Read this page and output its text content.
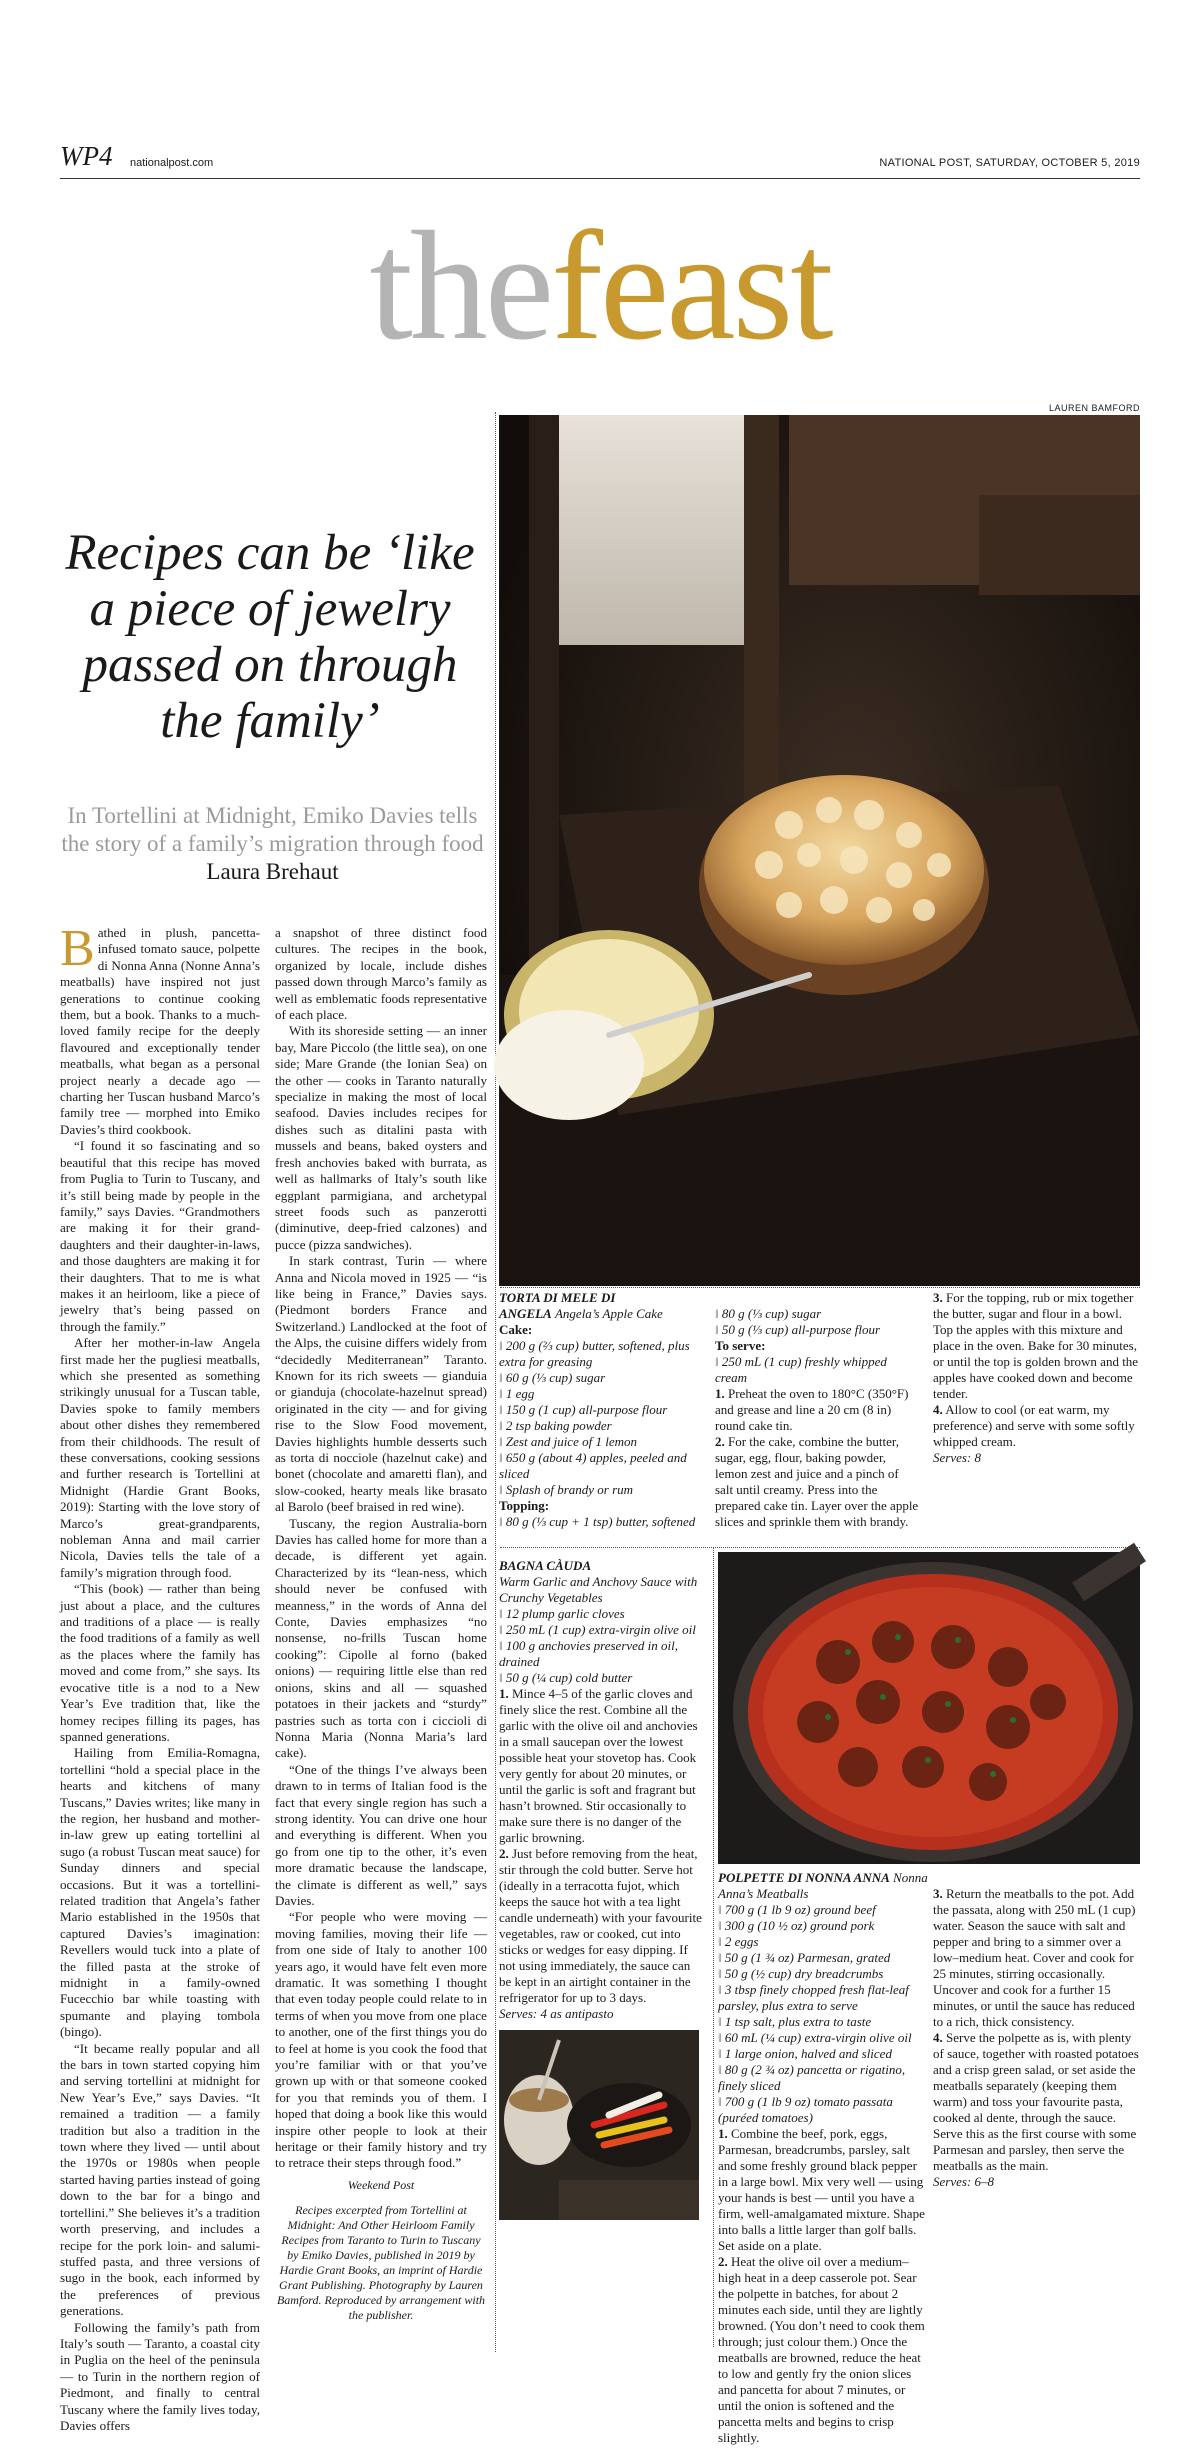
WP4 nationalpost.com	NATIONAL POST, SATURDAY, OCTOBER 5, 2019
thefeast
LAUREN BAMFORD
Recipes can be ‘like a piece of jewelry passed on through the family’
In Tortellini at Midnight, Emiko Davies tells the story of a family’s migration through food Laura Brehaut
B athed in plush, pancetta-infused tomato sauce, polpette di Nonna Anna (Nonne Anna’s meatballs) have inspired not just generations to continue cooking them, but a book. Thanks to a much-loved family recipe for the deeply flavoured and exceptionally tender meatballs, what began as a personal project nearly a decade ago — charting her Tuscan husband Marco’s family tree — morphed into Emiko Davies’s third cookbook.

“I found it so fascinating and so beautiful that this recipe has moved from Puglia to Turin to Tuscany, and it’s still being made by people in the family,” says Davies. “Grandmothers are making it for their grand-daughters and their daughter-in-laws, and those daughters are making it for their daughters. That to me is what makes it an heirloom, like a piece of jewelry that’s being passed on through the family.”

After her mother-in-law Angela first made her the pugliesi meatballs, which she presented as something strikingly unusual for a Tuscan table, Davies spoke to family members about other dishes they remembered from their childhoods. The result of these conversations, cooking sessions and further research is Tortellini at Midnight (Hardie Grant Books, 2019): Starting with the love story of Marco’s great-grandparents, nobleman Anna and mail carrier Nicola, Davies tells the tale of a family’s migration through food.

“This (book) — rather than being just about a place, and the cultures and traditions of a place — is really the food traditions of a family as well as the places where the family has moved and come from,” she says. Its evocative title is a nod to a New Year’s Eve tradition that, like the homey recipes filling its pages, has spanned generations.

Hailing from Emilia-Romagna, tortellini “hold a special place in the hearts and kitchens of many Tuscans,” Davies writes; like many in the region, her husband and mother-in-law grew up eating tortellini al sugo (a robust Tuscan meat sauce) for Sunday dinners and special occasions. But it was a tortellini-related tradition that Angela’s father Mario established in the 1950s that captured Davies’s imagination: Revellers would tuck into a plate of the filled pasta at the stroke of midnight in a family-owned Fucecchio bar while toasting with spumante and playing tombola (bingo).

“It became really popular and all the bars in town started copying him and serving tortellini at midnight for New Year’s Eve,” says Davies. “It remained a tradition — a family tradition but also a tradition in the town where they lived — until about the 1970s or 1980s when people started having parties instead of going down to the bar for a bingo and tortellini.” She believes it’s a tradition worth preserving, and includes a recipe for the pork loin- and salumi-stuffed pasta, and three versions of sugo in the book, each informed by the preferences of previous generations.

Following the family’s path from Italy’s south — Taranto, a coastal city in Puglia on the heel of the peninsula — to Turin in the northern region of Piedmont, and finally to central Tuscany where the family lives today, Davies offers

a snapshot of three distinct food cultures. The recipes in the book, organized by locale, include dishes passed down through Marco’s family as well as emblematic foods representative of each place.

With its shoreside setting — an inner bay, Mare Piccolo (the little sea), on one side; Mare Grande (the Ionian Sea) on the other — cooks in Taranto naturally specialize in making the most of local seafood. Davies includes recipes for dishes such as ditalini pasta with mussels and beans, baked oysters and fresh anchovies baked with burrata, as well as hallmarks of Italy’s south like eggplant parmigiana, and archetypal street foods such as panzerotti (diminutive, deep-fried calzones) and pucce (pizza sandwiches).

In stark contrast, Turin — where Anna and Nicola moved in 1925 — “is like being in France,” Davies says. (Piedmont borders France and Switzerland.) Landlocked at the foot of the Alps, the cuisine differs widely from “decidedly Mediterranean” Taranto. Known for its rich sweets — gianduia or gianduja (chocolate-hazelnut spread) originated in the city — and for giving rise to the Slow Food movement, Davies highlights humble desserts such as torta di nocciole (hazelnut cake) and bonet (chocolate and amaretti flan), and slow-cooked, hearty meals like brasato al Barolo (beef braised in red wine).

Tuscany, the region Australia-born Davies has called home for more than a decade, is different yet again. Characterized by its “lean-ness, which should never be confused with meanness,” in the words of Anna del Conte, Davies emphasizes “no nonsense, no-frills Tuscan home cooking”: Cipolle al forno (baked onions) — requiring little else than red onions, skins and all — squashed potatoes in their jackets and “sturdy” pastries such as torta con i ciccioli di Nonna Maria (Nonna Maria’s lard cake).

“One of the things I’ve always been drawn to in terms of Italian food is the fact that every single region has such a strong identity. You can drive one hour and everything is different. When you go from one tip to the other, it’s even more dramatic because the landscape, the climate is different as well,” says Davies.

“For people who were moving — moving families, moving their life — from one side of Italy to another 100 years ago, it would have felt even more dramatic. It was something I thought that even today people could relate to in terms of when you move from one place to another, one of the first things you do to feel at home is you cook the food that you’re familiar with or that you’ve grown up with or that someone cooked for you that reminds you of them. I hoped that doing a book like this would inspire other people to look at their heritage or their family history and try to retrace their steps through food.”

Weekend Post
Recipes excerpted from Tortellini at Midnight: And Other Heirloom Family Recipes from Taranto to Turin to Tuscany by Emiko Davies, published in 2019 by Hardie Grant Books, an imprint of Hardie Grant Publishing. Photography by Lauren Bamford. Reproduced by arrangement with the publisher.
TORTA DI MELE DI ANGELA Angela’s Apple Cake
Cake:
‖ 200 g (⅔ cup) butter, softened, plus extra for greasing
‖ 60 g (⅓ cup) sugar
‖ 1 egg
‖ 150 g (1 cup) all-purpose flour
‖ 2 tsp baking powder
‖ Zest and juice of 1 lemon
‖ 650 g (about 4) apples, peeled and sliced
‖ Splash of brandy or rum
Topping:
‖ 80 g (⅓ cup + 1 tsp) butter, softened
‖ 80 g (⅓ cup) sugar
‖ 50 g (⅓ cup) all-purpose flour
To serve:
‖ 250 mL (1 cup) freshly whipped cream
1. Preheat the oven to 180°C (350°F) and grease and line a 20 cm (8 in) round cake tin.
2. For the cake, combine the butter, sugar, egg, flour, baking powder, lemon zest and juice and a pinch of salt until creamy. Press into the prepared cake tin. Layer over the apple slices and sprinkle them with brandy.
3. For the topping, rub or mix together the butter, sugar and flour in a bowl. Top the apples with this mixture and place in the oven. Bake for 30 minutes, or until the top is golden brown and the apples have cooked down and become tender.
4. Allow to cool (or eat warm, my preference) and serve with some softly whipped cream.
Serves: 8
BAGNA CÀUDA
Warm Garlic and Anchovy Sauce with Crunchy Vegetables
‖ 12 plump garlic cloves
‖ 250 mL (1 cup) extra-virgin olive oil
‖ 100 g anchovies preserved in oil, drained
‖ 50 g (¼ cup) cold butter
1. Mince 4–5 of the garlic cloves and finely slice the rest. Combine all the garlic with the olive oil and anchovies in a small saucepan over the lowest possible heat your stovetop has. Cook very gently for about 20 minutes, or until the garlic is soft and fragrant but hasn’t browned. Stir occasionally to make sure there is no danger of the garlic browning.
2. Just before removing from the heat, stir through the cold butter. Serve hot (ideally in a terracotta fujot, which keeps the sauce hot with a tea light candle underneath) with your favourite vegetables, raw or cooked, cut into sticks or wedges for easy dipping. If not using immediately, the sauce can be kept in an airtight container in the refrigerator for up to 3 days.
Serves: 4 as antipasto
POLPETTE DI NONNA ANNA Nonna Anna’s Meatballs
‖ 700 g (1 lb 9 oz) ground beef
‖ 300 g (10 ½ oz) ground pork
‖ 2 eggs
‖ 50 g (1 ¾ oz) Parmesan, grated
‖ 50 g (½ cup) dry breadcrumbs
‖ 3 tbsp finely chopped fresh flat-leaf parsley, plus extra to serve
‖ 1 tsp salt, plus extra to taste
‖ 60 mL (¼ cup) extra-virgin olive oil
‖ 1 large onion, halved and sliced
‖ 80 g (2 ¾ oz) pancetta or rigatino, finely sliced
‖ 700 g (1 lb 9 oz) tomato passata (puréed tomatoes)
1. Combine the beef, pork, eggs, Parmesan, breadcrumbs, parsley, salt and some freshly ground black pepper in a large bowl. Mix very well — using your hands is best — until you have a firm, well-amalgamated mixture. Shape into balls a little larger than golf balls. Set aside on a plate.
2. Heat the olive oil over a medium–high heat in a deep casserole pot. Sear the polpette in batches, for about 2 minutes each side, until they are lightly browned. (You don’t need to cook them through; just colour them.) Once the meatballs are browned, reduce the heat to low and gently fry the onion slices and pancetta for about 7 minutes, or until the onion is softened and the pancetta melts and begins to crisp slightly.
3. Return the meatballs to the pot. Add the passata, along with 250 mL (1 cup) water. Season the sauce with salt and pepper and bring to a simmer over a low–medium heat. Cover and cook for 25 minutes, stirring occasionally. Uncover and cook for a further 15 minutes, or until the sauce has reduced to a rich, thick consistency.
4. Serve the polpette as is, with plenty of sauce, together with roasted potatoes and a crisp green salad, or set aside the meatballs separately (keeping them warm) and toss your favourite pasta, cooked al dente, through the sauce. Serve this as the first course with some Parmesan and parsley, then serve the meatballs as the main.
Serves: 6–8
